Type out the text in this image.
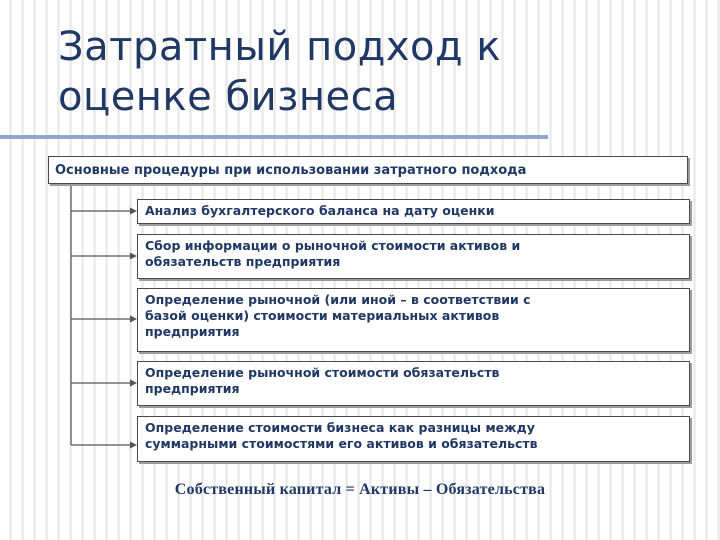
Затратный подход к
оценке бизнеса
Основные процедуры при использовании затратного подхода
Анализ бухгалтерского баланса на дату оценки
Сбор информации о рыночной стоимости активов и
обязательств предприятия
Определение рыночной (или иной – в соответствии с
базой оценки) стоимости материальных активов
предприятия
Определение рыночной стоимости обязательств
предприятия
Определение стоимости бизнеса как разницы между
суммарными стоимостями его активов и обязательств
Собственный капитал = Активы – Обязательства
